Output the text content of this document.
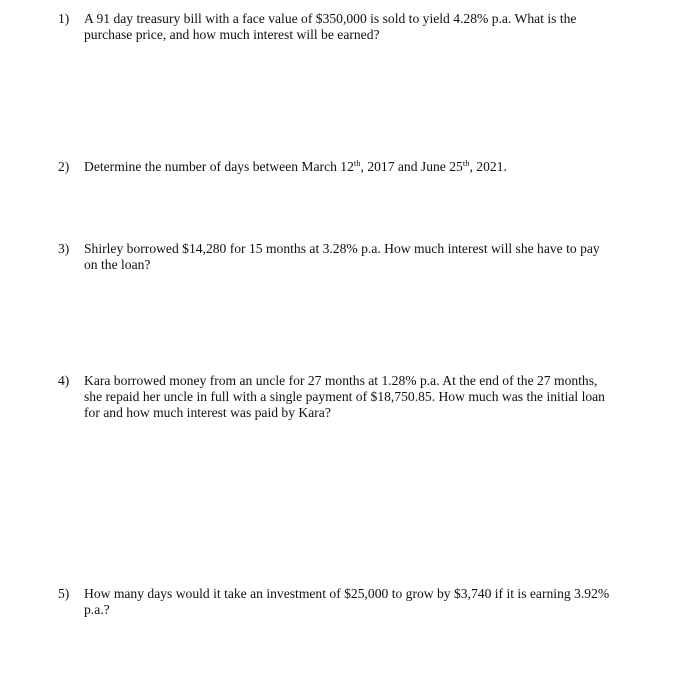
1)	A 91 day treasury bill with a face value of $350,000 is sold to yield 4.28% p.a. What is the
purchase price, and how much interest will be earned?
2)	Determine the number of days between March 12th, 2017 and June 25th, 2021.
3)	Shirley borrowed $14,280 for 15 months at 3.28% p.a. How much interest will she have to pay
on the loan?
4)	Kara borrowed money from an uncle for 27 months at 1.28% p.a. At the end of the 27 months,
she repaid her uncle in full with a single payment of $18,750.85. How much was the initial loan
for and how much interest was paid by Kara?
5)	How many days would it take an investment of $25,000 to grow by $3,740 if it is earning 3.92%
p.a.?
